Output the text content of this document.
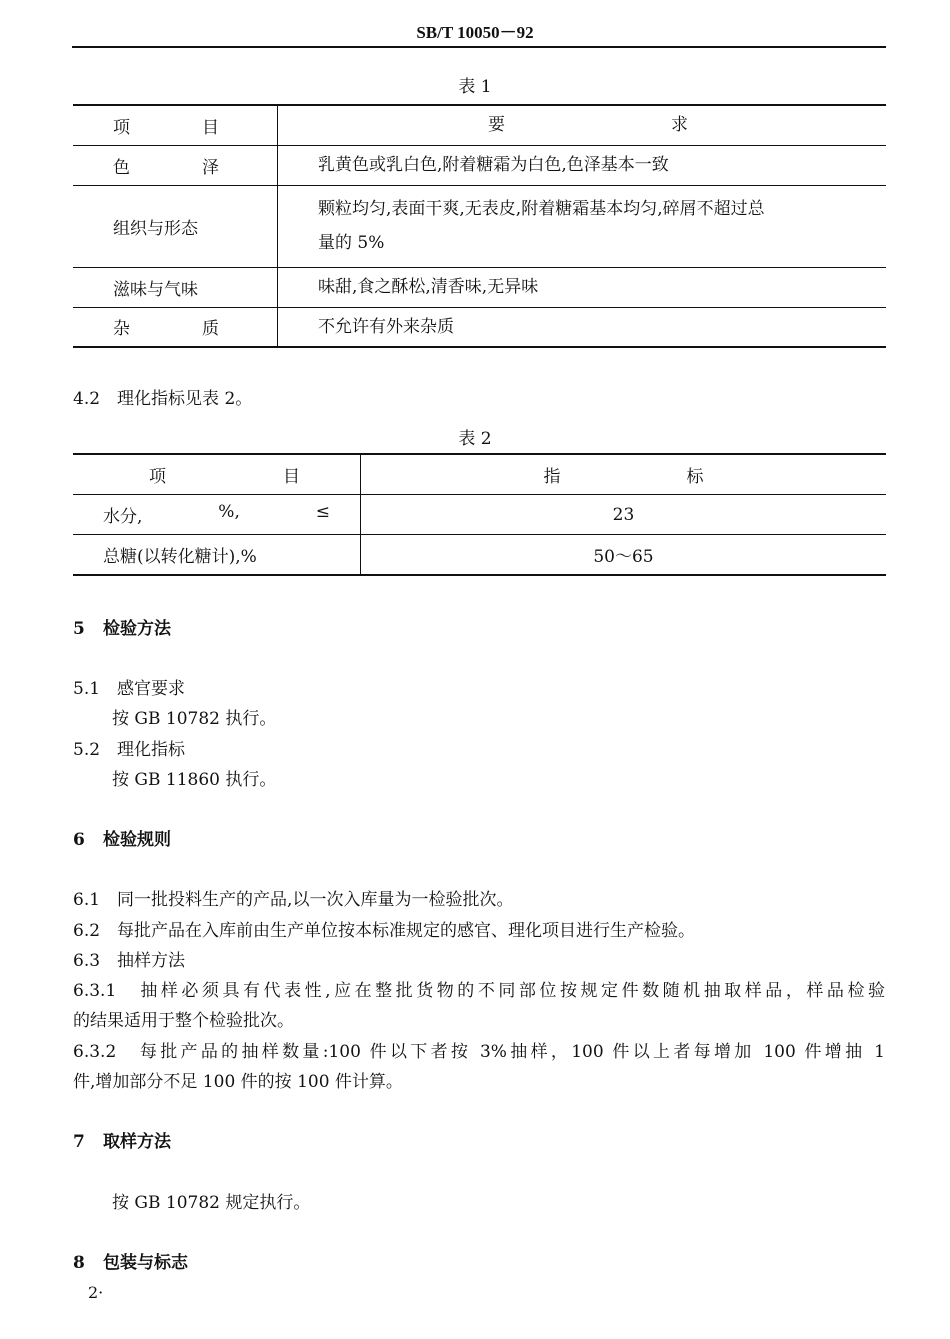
SB/T 10050－92
表 1
项 目	要 求

色 泽	乳黄色或乳白色,附着糖霜为白色,色泽基本一致
组织与形态	颗粒均匀,表面干爽,无表皮,附着糖霜基本均匀,碎屑不超过总
量的 5%

滋味与气味	味甜,食之酥松,清香味,无异味

杂 质	不允许有外来杂质
4.2　理化指标见表 2。
表 2
项 目	指 标

水分, %, ≤	23
总糖(以转化糖计),%	50～65
5 检验方法
5.1　感官要求
按 GB 10782 执行。
5.2　理化指标
按 GB 11860 执行。
6 检验规则
6.1　同一批投料生产的产品,以一次入库量为一检验批次。
6.2　每批产品在入库前由生产单位按本标准规定的感官、理化项目进行生产检验。
6.3　抽样方法
6.3.1　抽样必须具有代表性,应在整批货物的不同部位按规定件数随机抽取样品，样品检验
的结果适用于整个检验批次。
6.3.2　每批产品的抽样数量:100 件以下者按 3%抽样，100 件以上者每增加 100 件增抽 1
件,增加部分不足 100 件的按 100 件计算。
7 取样方法
按 GB 10782 规定执行。
8 包装与标志
2·
